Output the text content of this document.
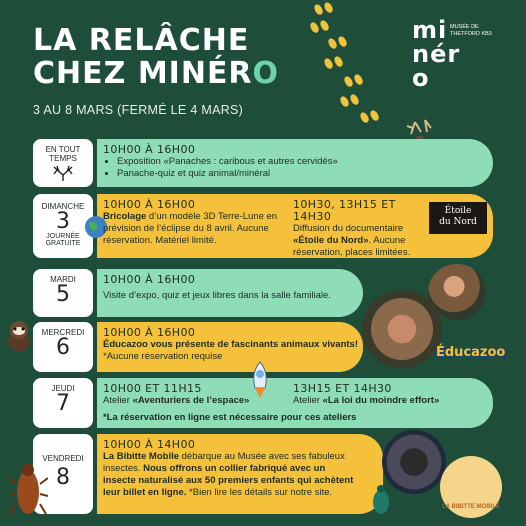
LA RELÂCHE
CHEZ MINÉRO
3 AU 8 MARS (FERMÉ LE 4 MARS)
mi
nér
o
MUSÉE DE THETFORD KB3
EN TOUT
TEMPS
10H00 À 16H00
• Exposition «Panaches : caribous et autres cervidés»
• Panache-quiz et quiz animal/minéral
DIMANCHE
3
JOURNÉE
GRATUITE
10H00 À 16H00
Bricolage d’un modèle 3D Terre-Lune en prévision de l’éclipse du 8 avril. Aucune réservation. Matériel limité.
10H30, 13H15 ET 14H30
Diffusion du documentaire «Étoile du Nord». Aucune réservation, places limitées.
Étoile
du Nord
MARDI
5
10H00 À 16H00
Visite d’expo, quiz et jeux libres dans la salle familiale.
MERCREDI
6
10H00 À 16H00
Éducazoo vous présente de fascinants animaux vivants!
*Aucune réservation requise	Éducazoo
JEUDI
7
10H00 ET 11H15
Atelier «Aventuriers de l’espace»
13H15 ET 14H30
Atelier «La loi du moindre effort»
*La réservation en ligne est nécessaire pour ces ateliers
VENDREDI
8
10H00 À 14H00
La Bibitte Mobile débarque au Musée avec ses fabuleux insectes. Nous offrons un collier fabriqué avec un insecte naturalisé aux 50 premiers enfants qui achètent leur billet en ligne. *Bien lire les détails sur notre site.
LA BIBITTE MOBILE
